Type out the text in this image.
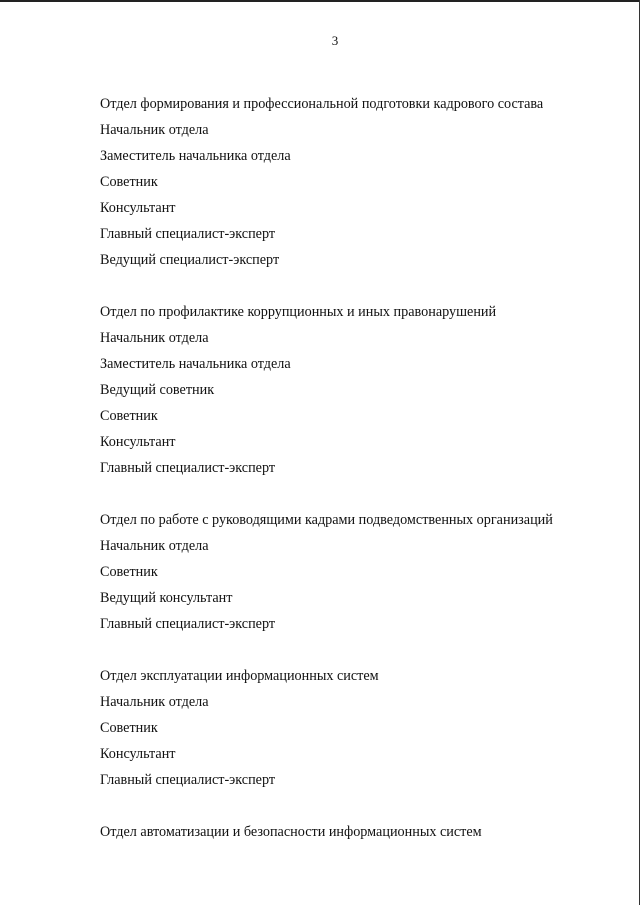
3
Отдел формирования и профессиональной подготовки кадрового состава
Начальник отдела
Заместитель начальника отдела
Советник
Консультант
Главный специалист-эксперт
Ведущий специалист-эксперт
Отдел по профилактике коррупционных и иных правонарушений
Начальник отдела
Заместитель начальника отдела
Ведущий советник
Советник
Консультант
Главный специалист-эксперт
Отдел по работе с руководящими кадрами подведомственных организаций
Начальник отдела
Советник
Ведущий консультант
Главный специалист-эксперт
Отдел эксплуатации информационных систем
Начальник отдела
Советник
Консультант
Главный специалист-эксперт
Отдел автоматизации и безопасности информационных систем
